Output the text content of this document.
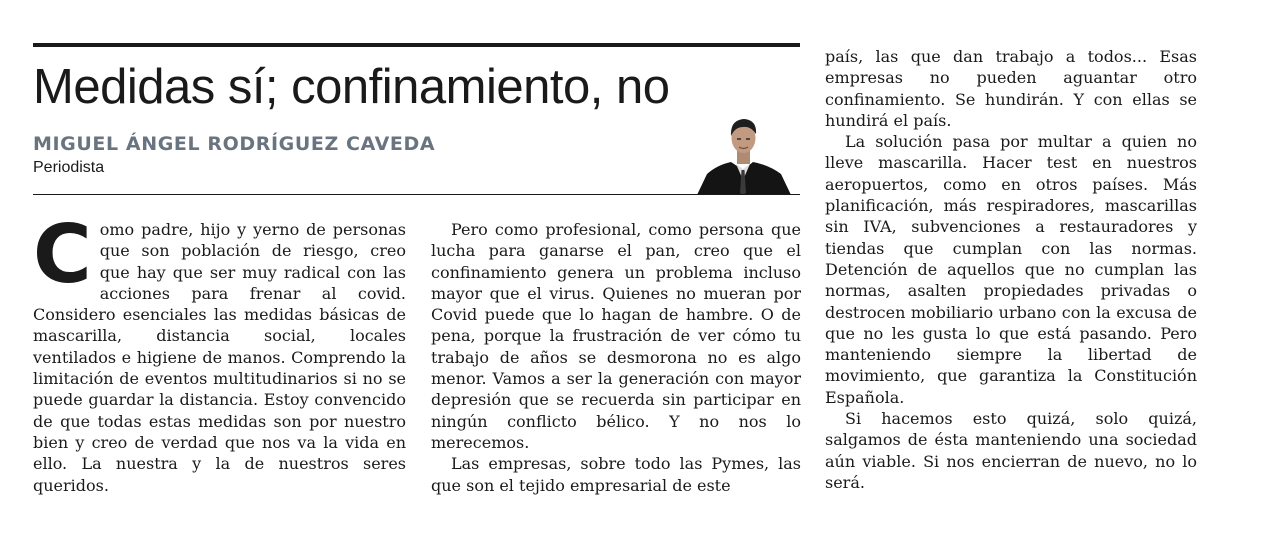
Medidas sí; confinamiento, no
MIGUEL ÁNGEL RODRÍGUEZ CAVEDA
Periodista

Como padre, hijo y yerno de personas que son población de riesgo, creo que hay que ser muy radical con las acciones para frenar al covid. Considero esenciales las medidas básicas de mascarilla, distancia social, locales ventilados e higiene de manos. Comprendo la limitación de eventos multitudinarios si no se puede guardar la distancia. Estoy convencido de que todas estas medidas son por nuestro bien y creo de verdad que nos va la vida en ello. La nuestra y la de nuestros seres queridos.

Pero como profesional, como persona que lucha para ganarse el pan, creo que el confinamiento genera un problema incluso mayor que el virus. Quienes no mueran por Covid puede que lo hagan de hambre. O de pena, porque la frustración de ver cómo tu trabajo de años se desmorona no es algo menor. Vamos a ser la generación con mayor depresión que se recuerda sin participar en ningún conflicto bélico. Y no nos lo merecemos.

Las empresas, sobre todo las Pymes, las que son el tejido empresarial de este

país, las que dan trabajo a todos... Esas empresas no pueden aguantar otro confinamiento. Se hundirán. Y con ellas se hundirá el país.

La solución pasa por multar a quien no lleve mascarilla. Hacer test en nuestros aeropuertos, como en otros países. Más planificación, más respiradores, mascarillas sin IVA, subvenciones a restauradores y tiendas que cumplan con las normas. Detención de aquellos que no cumplan las normas, asalten propiedades privadas o destrocen mobiliario urbano con la excusa de que no les gusta lo que está pasando. Pero manteniendo siempre la libertad de movimiento, que garantiza la Constitución Española.

Si hacemos esto quizá, solo quizá, salgamos de ésta manteniendo una sociedad aún viable. Si nos encierran de nuevo, no lo será.
